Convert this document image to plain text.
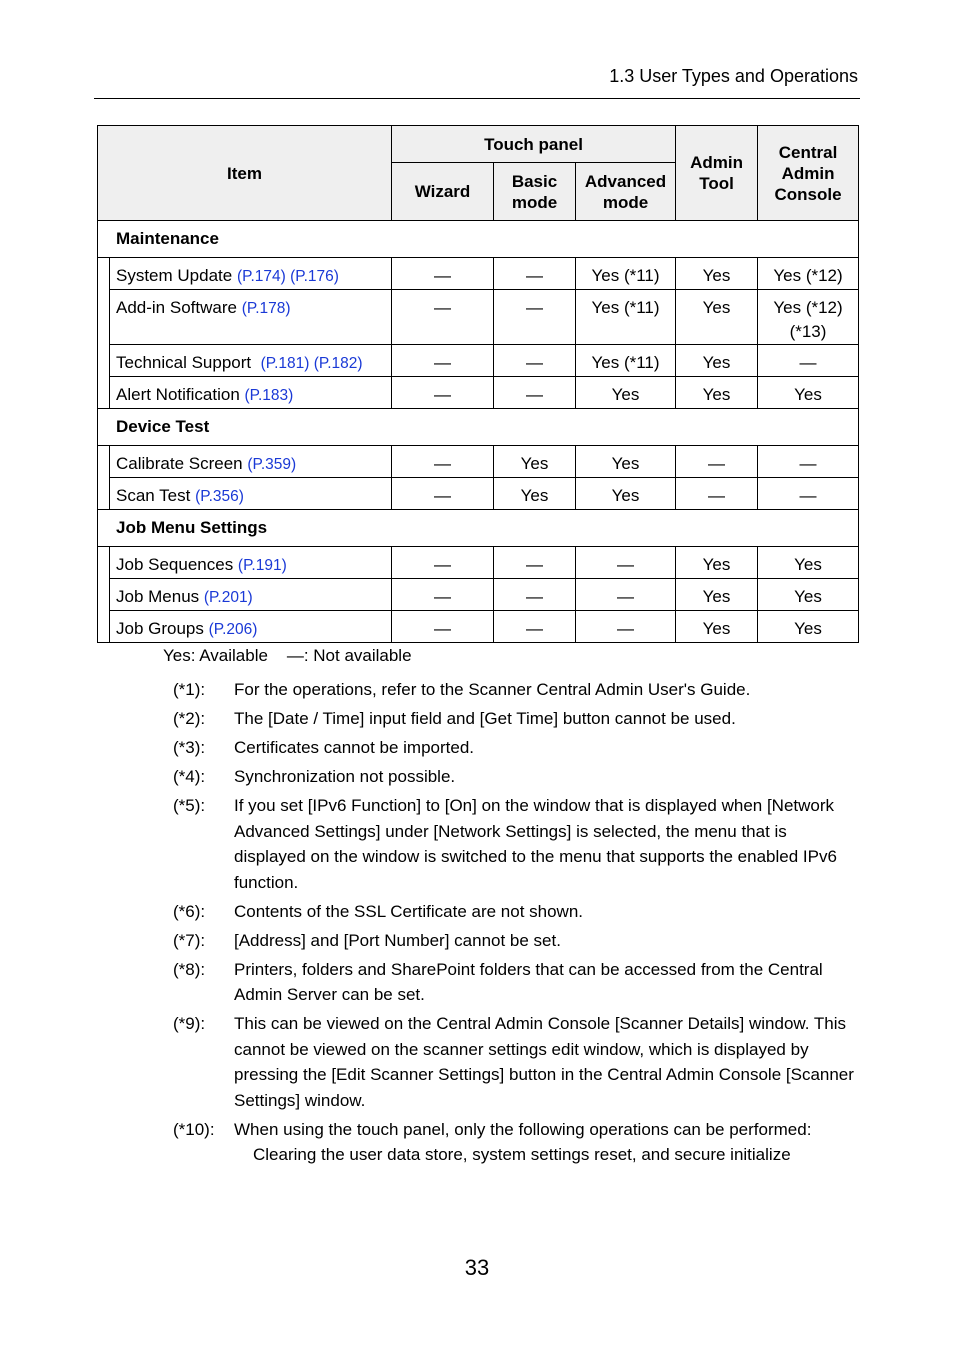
1.3 User Types and Operations
Item		Touch panel			Admin Tool	Central Admin Console
		Wizard	Basic mode	Advanced mode		
Maintenance						
	System Update (P.174) (P.176)	—	—	Yes (*11)	Yes	Yes (*12)
	Add-in Software (P.178)	—	—	Yes (*11)	Yes	Yes (*12)(*13)
	Technical Support  (P.181) (P.182)	—	—	Yes (*11)	Yes	—
	Alert Notification (P.183)	—	—	Yes	Yes	Yes
Device Test						
	Calibrate Screen (P.359)	—	Yes	Yes	—	—
	Scan Test (P.356)	—	Yes	Yes	—	—
Job Menu Settings						
	Job Sequences (P.191)	—	—	—	Yes	Yes
	Job Menus (P.201)	—	—	—	Yes	Yes
	Job Groups (P.206)	—	—	—	Yes	Yes
Yes: Available    —: Not available
(*1):	For the operations, refer to the Scanner Central Admin User's Guide.
(*2):	The [Date / Time] input field and [Get Time] button cannot be used.
(*3):	Certificates cannot be imported.
(*4):	Synchronization not possible.
(*5):	If you set [IPv6 Function] to [On] on the window that is displayed when [Network Advanced Settings] under [Network Settings] is selected, the menu that is displayed on the window is switched to the menu that supports the enabled IPv6 function.
(*6):	Contents of the SSL Certificate are not shown.
(*7):	[Address] and [Port Number] cannot be set.
(*8):	Printers, folders and SharePoint folders that can be accessed from the Central Admin Server can be set.
(*9):	This can be viewed on the Central Admin Console [Scanner Details] window. This cannot be viewed on the scanner settings edit window, which is displayed by pressing the [Edit Scanner Settings] button in the Central Admin Console [Scanner Settings] window.
(*10):	When using the touch panel, only the following operations can be performed:
Clearing the user data store, system settings reset, and secure initialize
33
